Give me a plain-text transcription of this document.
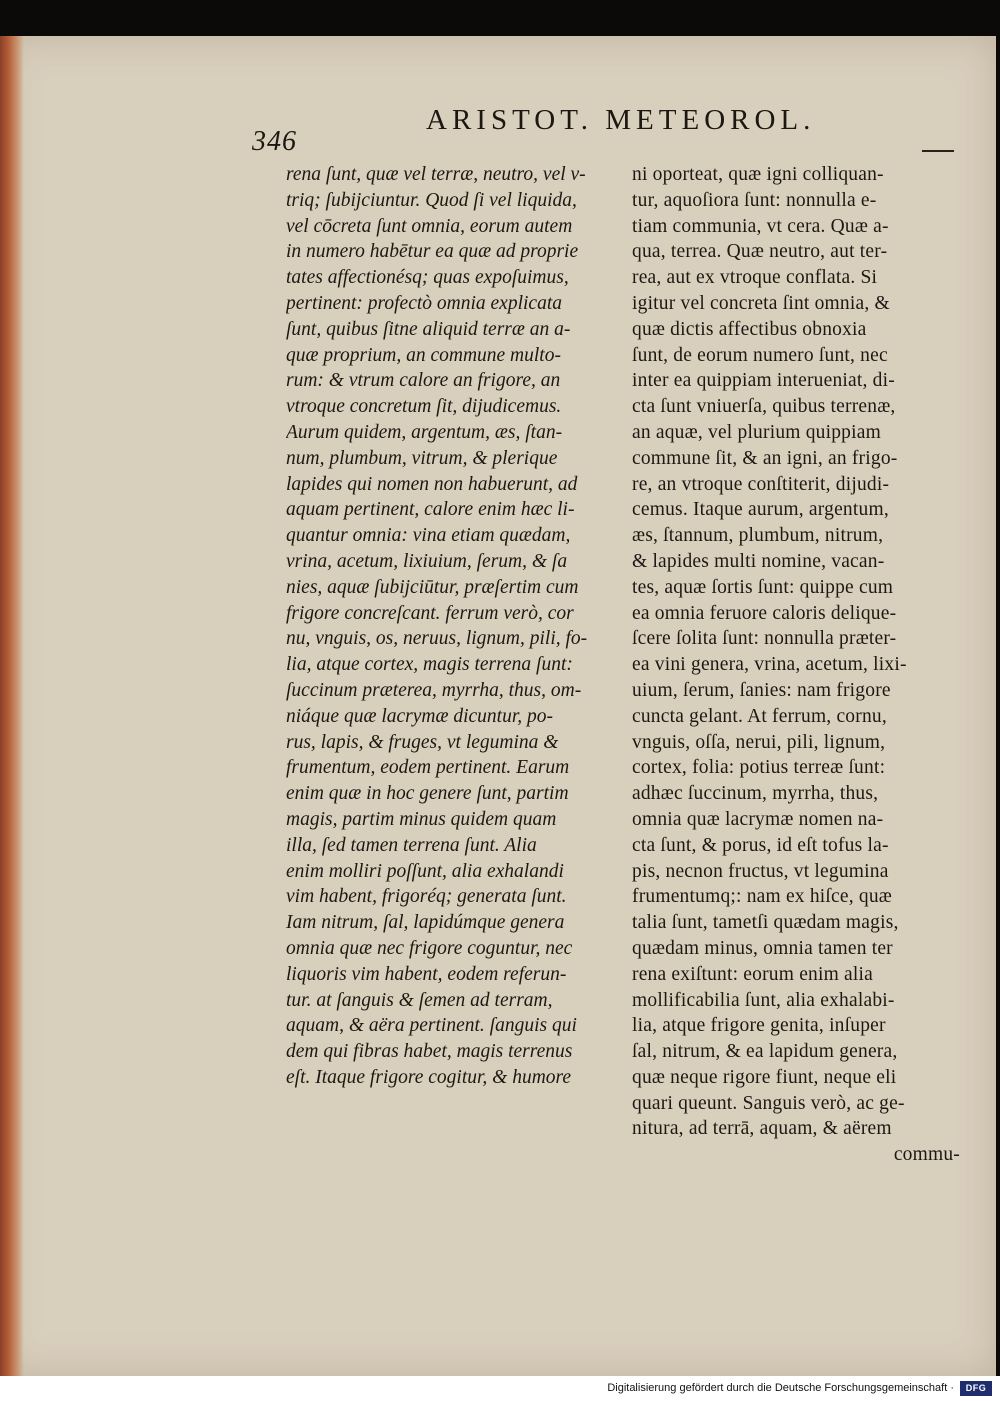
346
ARISTOT. METEOROL.
rena ſunt, quæ vel terræ, neutro, vel v-
triq; ſubijciuntur. Quod ſi vel liquida,
vel cōcreta ſunt omnia, eorum autem
in numero habētur ea quæ ad proprie
tates affectionésq; quas expoſuimus,
pertinent: profectò omnia explicata
ſunt, quibus ſitne aliquid terræ an a-
quæ proprium, an commune multo-
rum: & vtrum calore an frigore, an
vtroque concretum ſit, dijudicemus.
Aurum quidem, argentum, æs, ſtan-
num, plumbum, vitrum, & plerique
lapides qui nomen non habuerunt, ad
aquam pertinent, calore enim hæc li-
quantur omnia: vina etiam quædam,
vrina, acetum, lixiuium, ſerum, & ſa
nies, aquæ ſubijciūtur, præſertim cum
frigore concreſcant. ferrum verò, cor
nu, vnguis, os, neruus, lignum, pili, fo-
lia, atque cortex, magis terrena ſunt:
ſuccinum præterea, myrrha, thus, om-
niáque quæ lacrymæ dicuntur, po-
rus, lapis, & fruges, vt legumina &
frumentum, eodem pertinent. Earum
enim quæ in hoc genere ſunt, partim
magis, partim minus quidem quam
illa, ſed tamen terrena ſunt. Alia
enim molliri poſſunt, alia exhalandi
vim habent, frigoréq; generata ſunt.
Iam nitrum, ſal, lapidúmque genera
omnia quæ nec frigore coguntur, nec
liquoris vim habent, eodem referun-
tur. at ſanguis & ſemen ad terram,
aquam, & aëra pertinent. ſanguis qui
dem qui fibras habet, magis terrenus
eſt. Itaque frigore cogitur, & humore
ni oporteat, quæ igni colliquan-
tur, aquoſiora ſunt: nonnulla e-
tiam communia, vt cera. Quæ a-
qua, terrea. Quæ neutro, aut ter-
rea, aut ex vtroque conflata. Si
igitur vel concreta ſint omnia, &
quæ dictis affectibus obnoxia
ſunt, de eorum numero ſunt, nec
inter ea quippiam interueniat, di-
cta ſunt vniuerſa, quibus terrenæ,
an aquæ, vel plurium quippiam
commune ſit, & an igni, an frigo-
re, an vtroque conſtiterit, dijudi-
cemus. Itaque aurum, argentum,
æs, ſtannum, plumbum, nitrum,
& lapides multi nomine, vacan-
tes, aquæ ſortis ſunt: quippe cum
ea omnia feruore caloris delique-
ſcere ſolita ſunt: nonnulla præter-
ea vini genera, vrina, acetum, lixi-
uium, ſerum, ſanies: nam frigore
cuncta gelant. At ferrum, cornu,
vnguis, oſſa, nerui, pili, lignum,
cortex, folia: potius terreæ ſunt:
adhæc ſuccinum, myrrha, thus,
omnia quæ lacrymæ nomen na-
cta ſunt, & porus, id eſt tofus la-
pis, necnon fructus, vt legumina
frumentumq;: nam ex hiſce, quæ
talia ſunt, tametſi quædam magis,
quædam minus, omnia tamen ter
rena exiſtunt: eorum enim alia
mollificabilia ſunt, alia exhalabi-
lia, atque frigore genita, inſuper
ſal, nitrum, & ea lapidum genera,
quæ neque rigore fiunt, neque eli
quari queunt. Sanguis verò, ac ge-
nitura, ad terrā, aquam, & aërem
commu-
Digitalisierung gefördert durch die Deutsche Forschungsgemeinschaft ·	DFG
